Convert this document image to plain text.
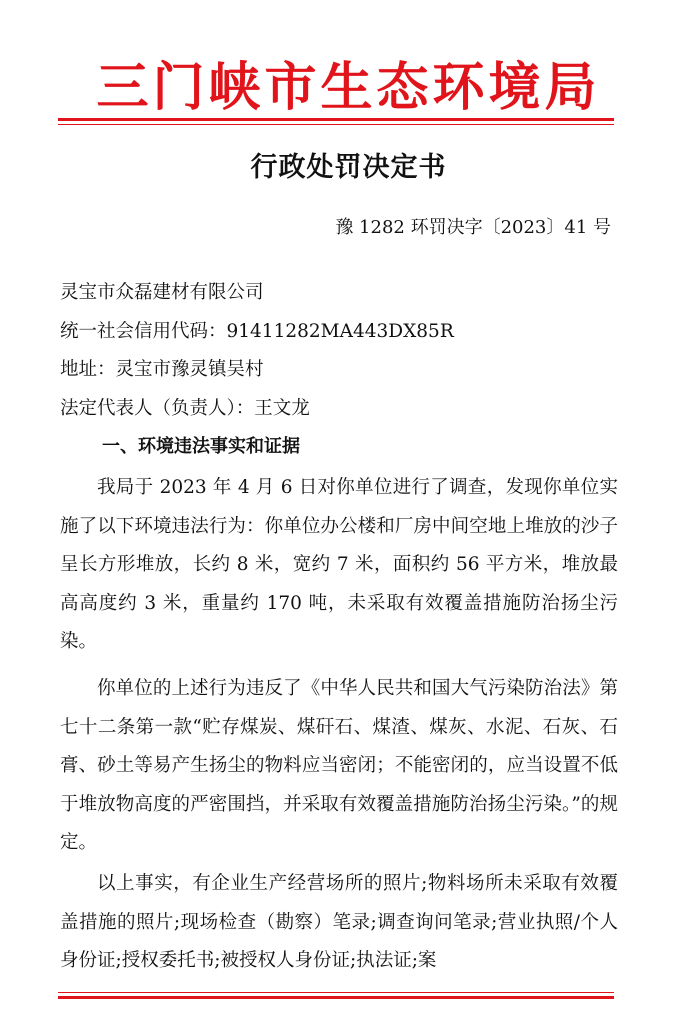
三门峡市生态环境局
行政处罚决定书
豫 1282 环罚决字〔2023〕41 号
灵宝市众磊建材有限公司
统一社会信用代码：91411282MA443DX85R
地址：灵宝市豫灵镇吴村
法定代表人（负责人）：王文龙
一、环境违法事实和证据

我局于 2023 年 4 月 6 日对你单位进行了调查，发现你单位实施了以下环境违法行为：你单位办公楼和厂房中间空地上堆放的沙子呈长方形堆放，长约 8 米，宽约 7 米，面积约 56 平方米，堆放最高高度约 3 米，重量约 170 吨，未采取有效覆盖措施防治扬尘污染。

你单位的上述行为违反了《中华人民共和国大气污染防治法》第七十二条第一款“贮存煤炭、煤矸石、煤渣、煤灰、水泥、石灰、石膏、砂土等易产生扬尘的物料应当密闭；不能密闭的，应当设置不低于堆放物高度的严密围挡，并采取有效覆盖措施防治扬尘污染。”的规定。

以上事实，有企业生产经营场所的照片;物料场所未采取有效覆盖措施的照片;现场检查（勘察）笔录;调查询问笔录;营业执照/个人身份证;授权委托书;被授权人身份证;执法证;案
